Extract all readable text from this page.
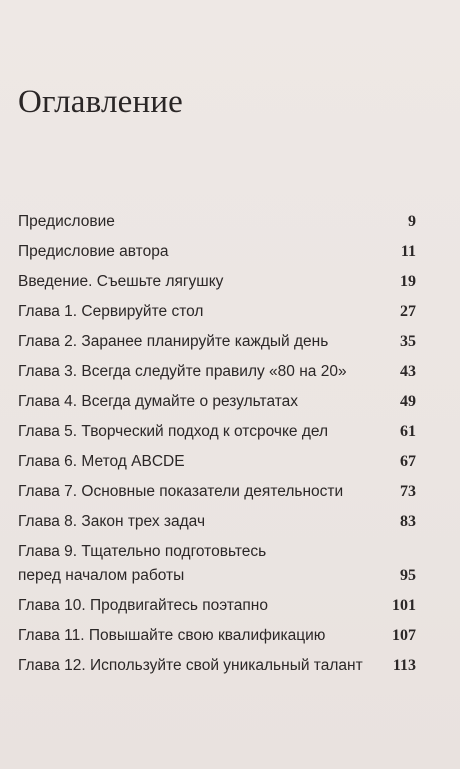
Оглавление
Предисловие	9
Предисловие автора	11
Введение. Съешьте лягушку	19
Глава 1. Сервируйте стол	27
Глава 2. Заранее планируйте каждый день	35
Глава 3. Всегда следуйте правилу «80 на 20»	43
Глава 4. Всегда думайте о результатах	49
Глава 5. Творческий подход к отсрочке дел	61
Глава 6. Метод ABCDE	67
Глава 7. Основные показатели деятельности	73
Глава 8. Закон трех задач	83
Глава 9. Тщательно подготовьтесь
перед началом работы	95
Глава 10. Продвигайтесь поэтапно	101
Глава 11. Повышайте свою квалификацию	107
Глава 12. Используйте свой уникальный талант	113
